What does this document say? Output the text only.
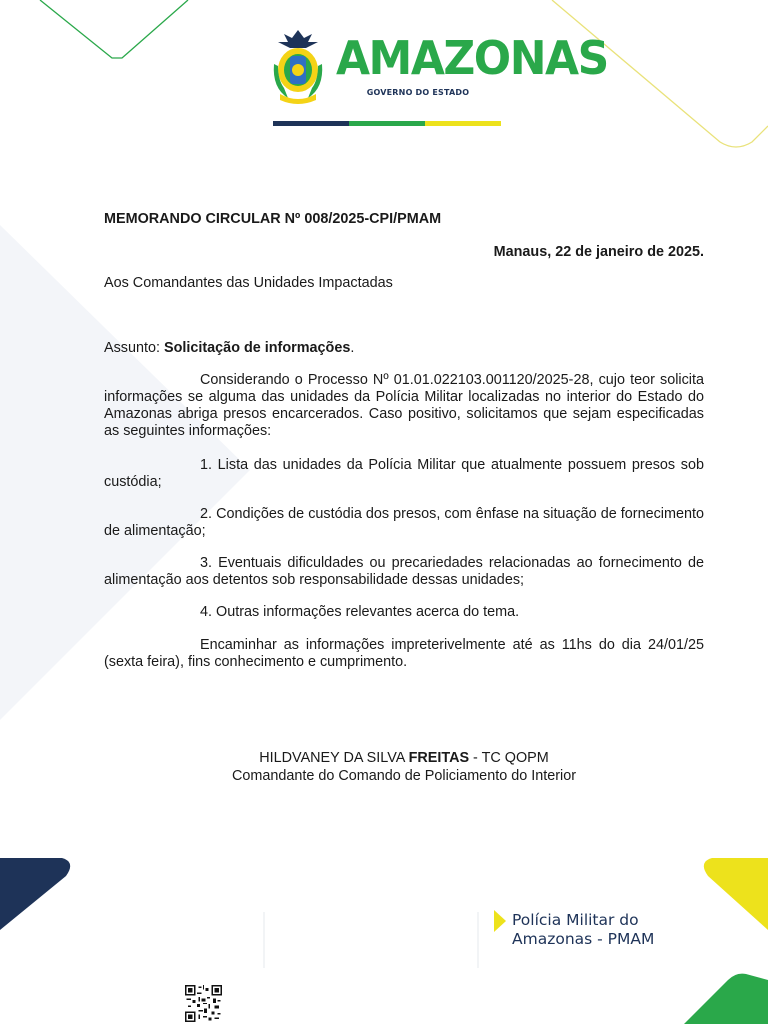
AMAZONAS
GOVERNO DO ESTADO
MEMORANDO CIRCULAR Nº 008/2025-CPI/PMAM
Manaus, 22 de janeiro de 2025.
Aos Comandantes das Unidades Impactadas
Assunto: Solicitação de informações.
Considerando o Processo Nº 01.01.022103.001120/2025-28, cujo teor solicita informações se alguma das unidades da Polícia Militar localizadas no interior do Estado do Amazonas abriga presos encarcerados. Caso positivo, solicitamos que sejam especificadas as seguintes informações:
1. Lista das unidades da Polícia Militar que atualmente possuem presos sob custódia;
2. Condições de custódia dos presos, com ênfase na situação de fornecimento de alimentação;
3. Eventuais dificuldades ou precariedades relacionadas ao fornecimento de alimentação aos detentos sob responsabilidade dessas unidades;
4. Outras informações relevantes acerca do tema.
Encaminhar as informações impreterivelmente até as 11hs do dia 24/01/25 (sexta feira), fins conhecimento e cumprimento.
HILDVANEY DA SILVA FREITAS - TC QOPM
Comandante do Comando de Policiamento do Interior
Polícia Militar do
Amazonas - PMAM
